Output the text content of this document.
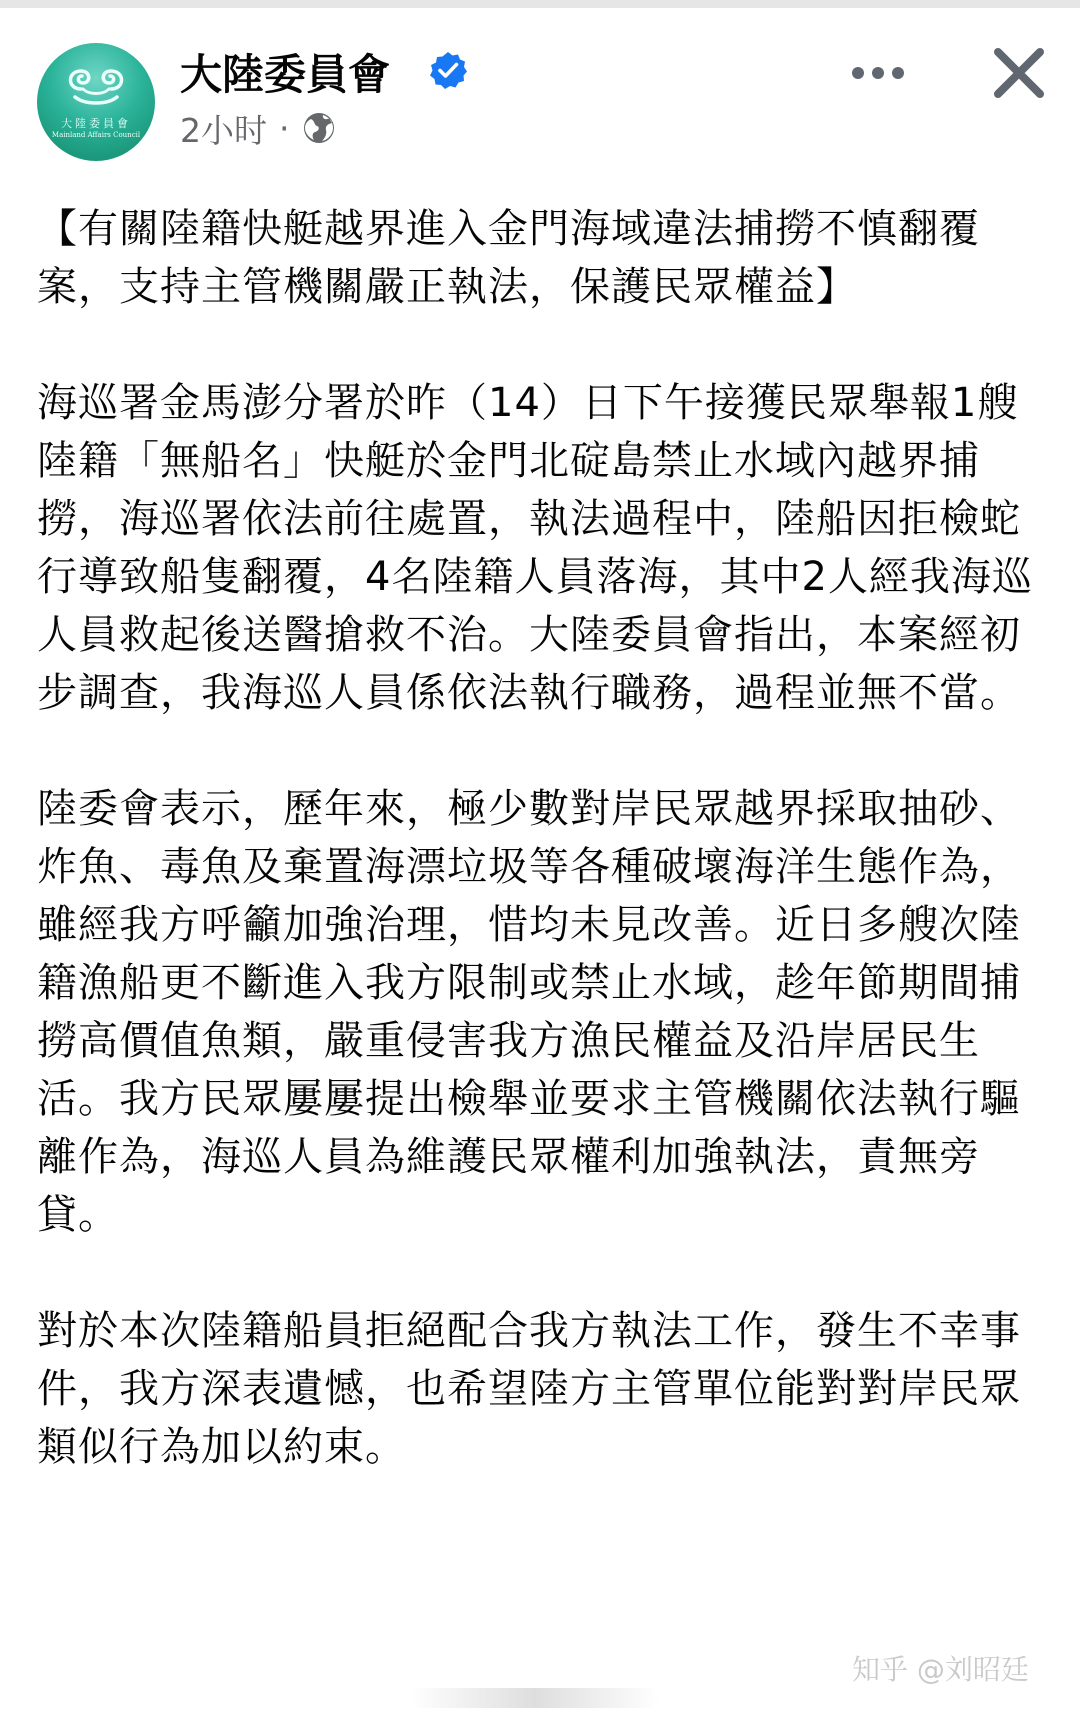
大陸委員會
Mainland Affairs Council
大陸委員會
2小时 ·

【有關陸籍快艇越界進入金門海域違法捕撈不慎翻覆案，支持主管機關嚴正執法，保護民眾權益】

海巡署金馬澎分署於昨（14）日下午接獲民眾舉報1艘陸籍「無船名」快艇於金門北碇島禁止水域內越界捕撈，海巡署依法前往處置，執法過程中，陸船因拒檢蛇行導致船隻翻覆，4名陸籍人員落海，其中2人經我海巡人員救起後送醫搶救不治。大陸委員會指出，本案經初步調查，我海巡人員係依法執行職務，過程並無不當。

陸委會表示，歷年來，極少數對岸民眾越界採取抽砂、炸魚、毒魚及棄置海漂垃圾等各種破壞海洋生態作為，雖經我方呼籲加強治理，惜均未見改善。近日多艘次陸籍漁船更不斷進入我方限制或禁止水域，趁年節期間捕撈高價值魚類，嚴重侵害我方漁民權益及沿岸居民生活。我方民眾屢屢提出檢舉並要求主管機關依法執行驅離作為，海巡人員為維護民眾權利加強執法，責無旁貸。

對於本次陸籍船員拒絕配合我方執法工作，發生不幸事件，我方深表遺憾，也希望陸方主管單位能對對岸民眾類似行為加以約束。

知乎 @刘昭廷
